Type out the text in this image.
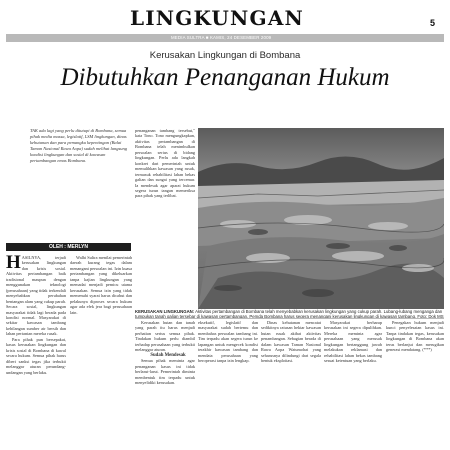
LINGKUNGAN	5
MEDIA SULTRA ■ KAMIS, 24 DESEMBER 2009
Kerusakan Lingkungan di Bombana
Dibutuhkan Penanganan Hukum
TAK ada lagi yang perlu ditutupi di Bombana, semua pihak media massa, legislatif, LSM lingkungan, dinas kehutanan dan para pemangku kepentingan (Balai Taman Nasional Rawa Aopa) sudah melihat langsung kondisi lingkungan dan sosial di kawasan pertambangan emas Bombana.
OLEH : MERLYN

HASILNYA, terjadi kerusakan lingkungan dan krisis sosial. Aktivitas pertambangan baik tradisional maupun dengan menggunakan teknologi (perusahaan) yang tidak terkendali menyebabkan perubahan bentangan alam yang cukup parah. Secara sosial, lingkungan masyarakat tidak lagi berada pada kondisi normal. Masyarakat di sekitar kawasan tambang kehilangan sumber air bersih dan lahan pertanian mereka rusak.

Para pihak pun bersepakat, kasus kerusakan lingkungan dan krisis sosial di Bombana di kawal secara hukum. Semua pihak harus diberi sanksi tegas jika terbukti melanggar aturan perundang-undangan yang berlaku.

Walhi Sultra menilai pemerintah daerah kurang tegas dalam menangani persoalan ini. Izin kuasa pertambangan yang dikeluarkan tanpa kajian lingkungan yang memadai menjadi pemicu utama kerusakan. Semua izin yang tidak memenuhi syarat harus dicabut dan pelakunya diproses secara hukum agar ada efek jera bagi perusahaan lain.

penanganan tambang tersebut," kata Tono. Tono mengungkapkan, aktivitas pertambangan di Bombana telah menimbulkan persoalan serius di bidang lingkungan. Perlu ada langkah konkret dari pemerintah untuk memulihkan kawasan yang rusak, termasuk rehabilitasi lahan bekas galian dan sungai yang tercemar. Ia mendesak agar aparat hukum segera turun tangan memeriksa para pihak yang terlibat.

KERUSAKAN LINGKUNGAN: Aktivitas pertambangan di Bombana telah menyebabkan kerusakan lingkungan yang cukup parah. Lubang-lubang menganga dan tumpukan tanah galian tersebar di kawasan pertambangan. Pemda Bombana harus segera menangani kerusakan lingkungan di kawasan tambang. Foto: Dok MS

Kerusakan hutan dan tanah yang parah itu harus menjadi perhatian serius semua pihak. Tindakan hukum perlu diambil terhadap perusahaan yang terbukti melanggar aturan.

Sudah Mendesak

Semua pihak meminta agar penanganan kasus ini tidak berlarut-larut. Pemerintah diminta membentuk tim terpadu untuk menyelidiki kerusakan.

eksekutif, legislatif dan masyarakat sudah bertemu dan membahas persoalan tambang ini. Tim terpadu akan segera turun ke lapangan untuk mengecek kondisi terakhir kawasan tambang dan mendata perusahaan yang beroperasi tanpa izin lengkap.

Dinas kehutanan mencatat sedikitnya ratusan hektar kawasan hutan rusak akibat aktivitas penambangan. Sebagian berada di dalam kawasan Taman Nasional Rawa Aopa Watumohai yang seharusnya dilindungi dari segala bentuk eksploitasi.

Masyarakat berharap kerusakan ini segera dipulihkan. Mereka meminta agar perusahaan yang merusak lingkungan bertanggung jawab melakukan reklamasi dan rehabilitasi lahan bekas tambang sesuai ketentuan yang berlaku.

Penegakan hukum menjadi kunci penyelesaian kasus ini. Tanpa tindakan tegas, kerusakan lingkungan di Bombana akan terus berlanjut dan merugikan generasi mendatang. (***)
